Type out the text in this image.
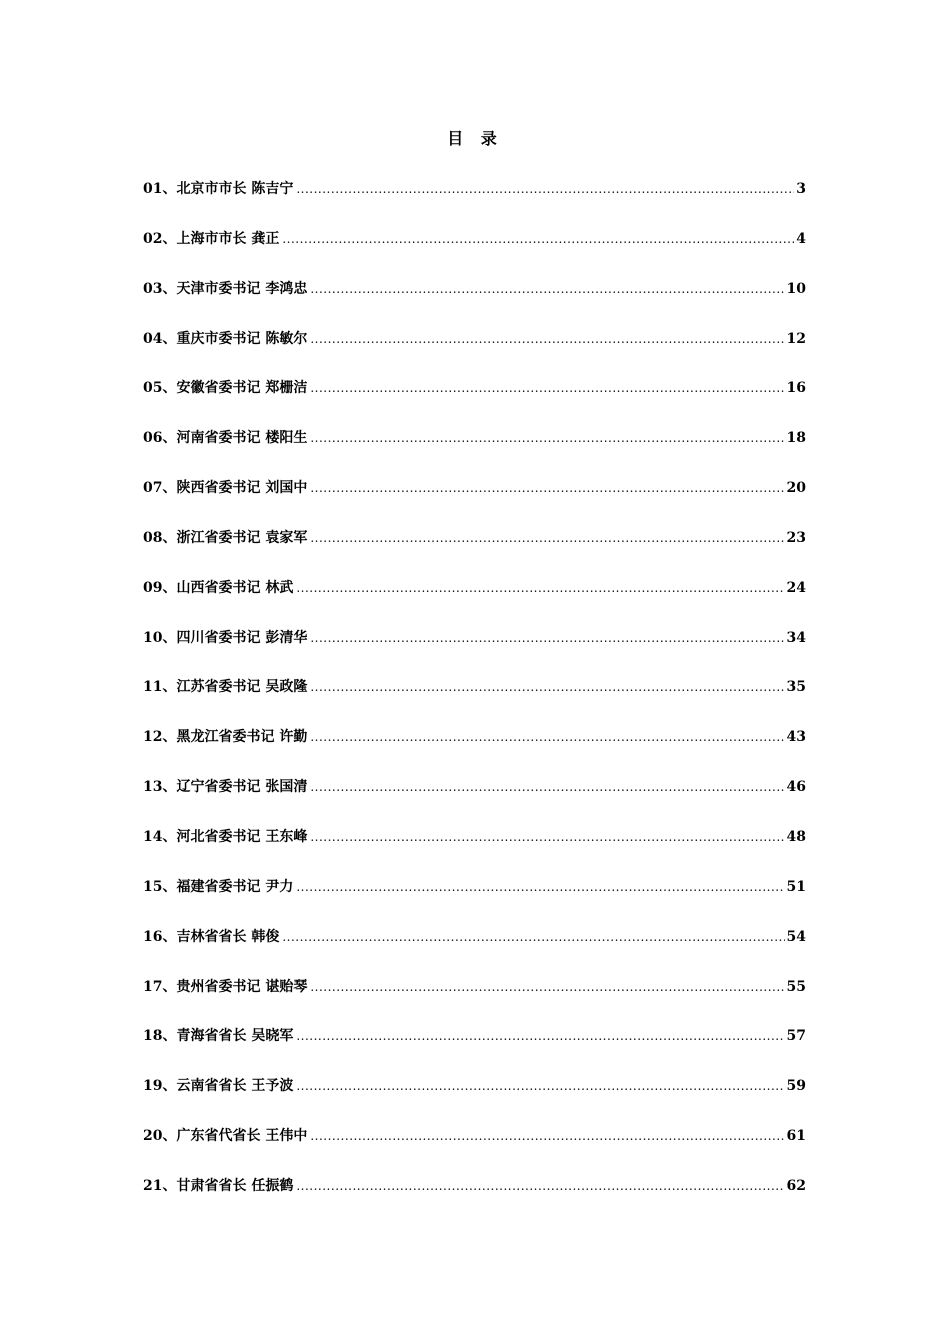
目 录
01、北京市市长 陈吉宁 .....	3
02、上海市市长 龚正 .....	4
03、天津市委书记 李鸿忠 .....	10
04、重庆市委书记 陈敏尔 .....	12
05、安徽省委书记 郑栅洁 .....	16
06、河南省委书记 楼阳生 .....	18
07、陕西省委书记 刘国中 .....	20
08、浙江省委书记 袁家军 .....	23
09、山西省委书记 林武 .....	24
10、四川省委书记 彭清华 .....	34
11、江苏省委书记 吴政隆 .....	35
12、黑龙江省委书记 许勤 .....	43
13、辽宁省委书记 张国清 .....	46
14、河北省委书记 王东峰 .....	48
15、福建省委书记 尹力 .....	51
16、吉林省省长 韩俊 .....	54
17、贵州省委书记 谌贻琴 .....	55
18、青海省省长 吴晓军 .....	57
19、云南省省长 王予波 .....	59
20、广东省代省长 王伟中 .....	61
21、甘肃省省长 任振鹤 .....	62
